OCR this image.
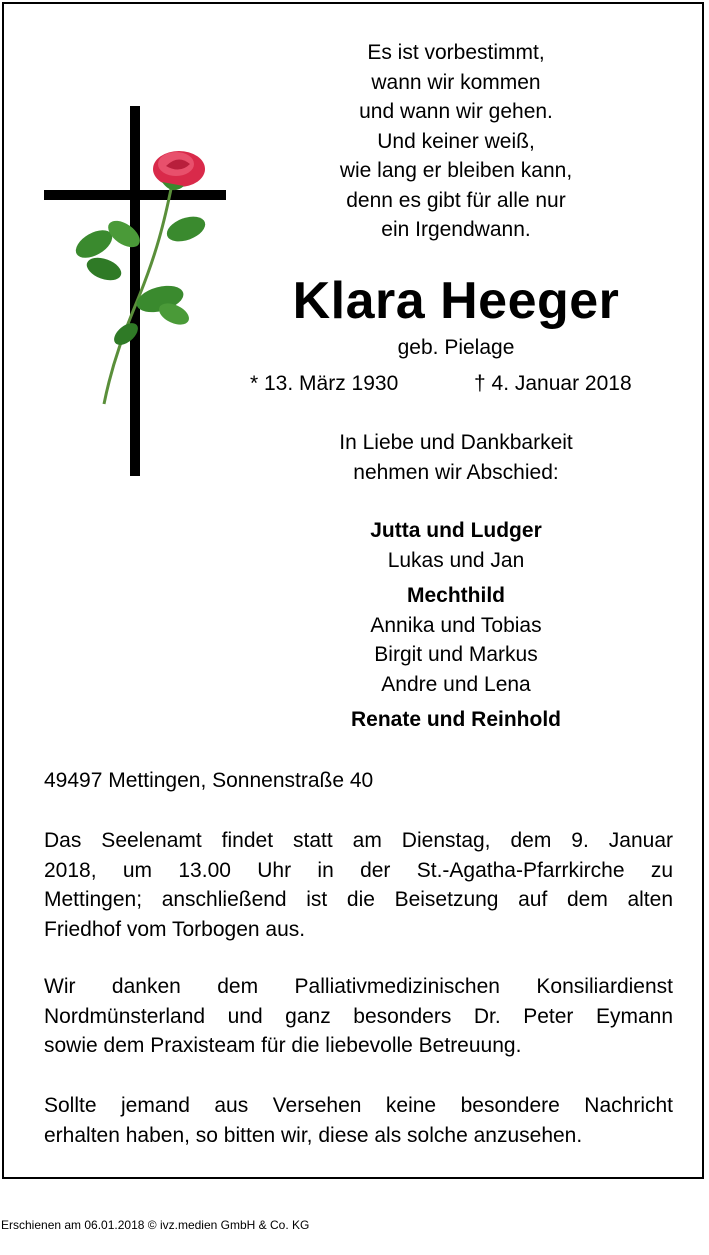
Es ist vorbestimmt,
wann wir kommen
und wann wir gehen.
Und keiner weiß,
wie lang er bleiben kann,
denn es gibt für alle nur
ein Irgendwann.
Klara Heeger
geb. Pielage
* 13. März 1930	† 4. Januar 2018
In Liebe und Dankbarkeit
nehmen wir Abschied:
Jutta und Ludger
Lukas und Jan
Mechthild
Annika und Tobias
Birgit und Markus
Andre und Lena
Renate und Reinhold
49497 Mettingen, Sonnenstraße 40
Das Seelenamt findet statt am Dienstag, dem 9. Januar
2018, um 13.00 Uhr in der St.-Agatha-Pfarrkirche zu
Mettingen; anschließend ist die Beisetzung auf dem alten
Friedhof vom Torbogen aus.
Wir danken dem Palliativmedizinischen Konsiliardienst
Nordmünsterland und ganz besonders Dr. Peter Eymann
sowie dem Praxisteam für die liebevolle Betreuung.
Sollte jemand aus Versehen keine besondere Nachricht
erhalten haben, so bitten wir, diese als solche anzusehen.
Erschienen am 06.01.2018 © ivz.medien GmbH & Co. KG
